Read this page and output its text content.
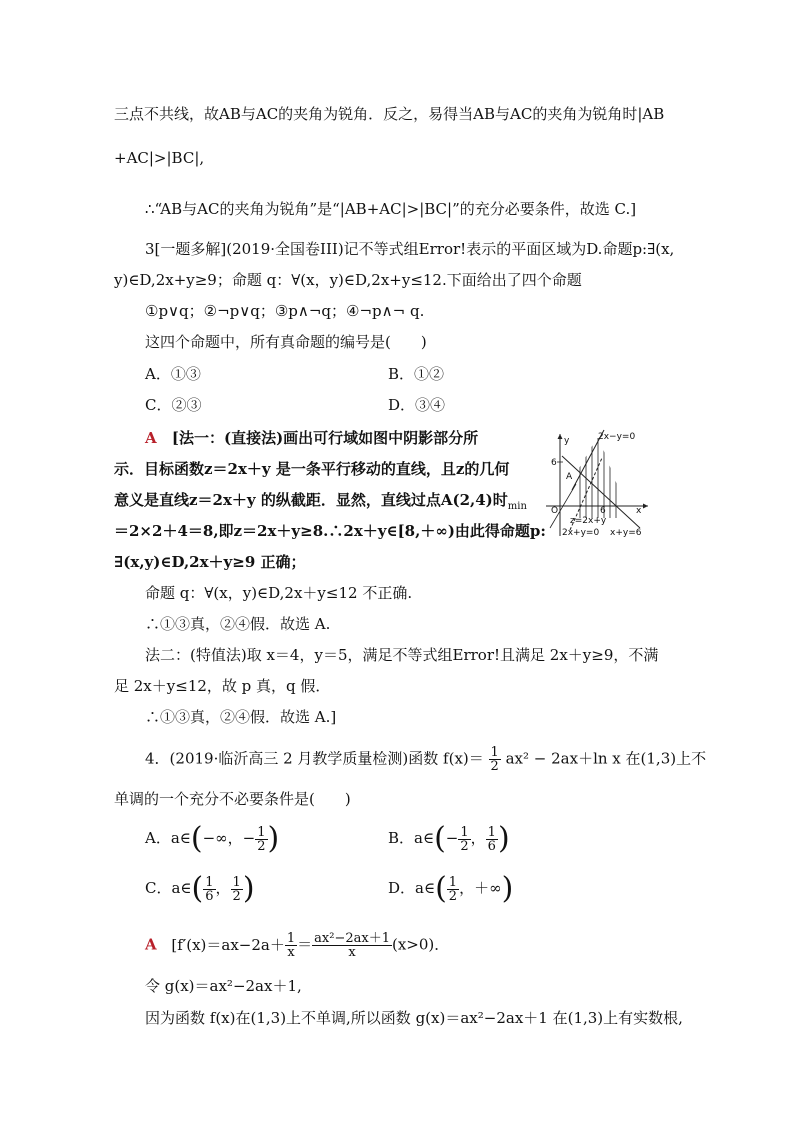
三点不共线，故AB与AC的夹角为锐角．反之，易得当AB与AC的夹角为锐角时|AB
+AC|>|BC|,
∴“AB与AC的夹角为锐角”是“|AB+AC|>|BC|”的充分必要条件，故选 C.]
3[一题多解](2019·全国卷III)记不等式组Error!表示的平面区域为D.命题p:∃(x,
y)∈D,2x+y≥9；命题 q：∀(x，y)∈D,2x+y≤12.下面给出了四个命题
①p∨q；②¬p∨q；③p∧¬q；④¬p∧¬ q.
这四个命题中，所有真命题的编号是(　　)
A．①③	B．①②
C．②③	D．③④
A [法一：(直接法)画出可行域如图中阴影部分所
示．目标函数z＝2x＋y 是一条平行移动的直线，且z的几何
意义是直线z＝2x＋y 的纵截距．显然，直线过点A(2,4)时$_{min}$
＝2×2＋4＝8,即z＝2x＋y≥8.∴2x＋y∈[8,＋∞)由此得命题p:
∃(x,y)∈D,2x＋y≥9 正确；
命题 q：∀(x，y)∈D,2x＋y≤12 不正确.
∴①③真，②④假．故选 A.
法二：(特值法)取 x＝4，y＝5，满足不等式组Error!且满足 2x＋y≥9，不满
足 2x＋y≤12，故 p 真，q 假．
∴①③真，②④假．故选 A.]
2x−y=0
y
6
A
O	6	x
z=2x+y
2x+y=0 x+y=6
4．(2019·临沂高三 2 月教学质量检测)函数 $f(x)= \frac{1}{2} ax^2 - 2ax+\ln$ x 在(1,3)上不
单调的一个充分不必要条件是(　　)
A．a∈(−∞，− $\frac{1}{2}$ )	B．a∈(− $\frac{1}{2}$ ， $\frac{1}{6}$ )
C．a∈( $\frac{1}{6}$ ， $\frac{1}{2}$ )	D．a∈( $\frac{1}{2}$ ，＋∞)
A [$f'(x)=ax-2a+ \frac{1}{x} = \frac{\text{ax²−2ax＋1}}{x} (x>0)$．
令 g(x)＝ax²−2ax＋1,
因为函数 f(x)在(1,3)上不单调,所以函数 g(x)＝ax²−2ax＋1 在(1,3)上有实数根,
